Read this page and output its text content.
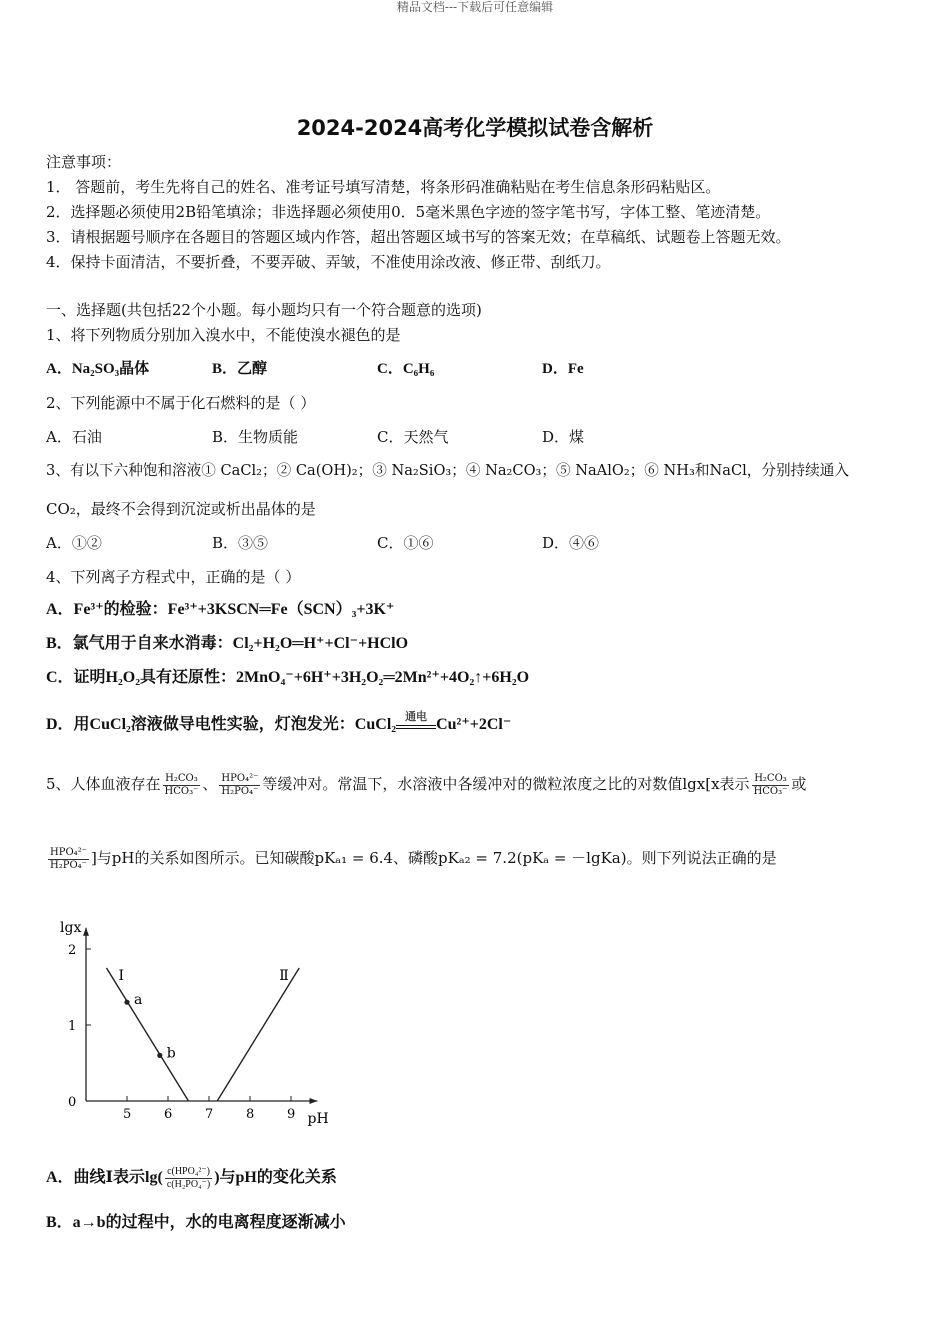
精品文档---下载后可任意编辑
2024-2024高考化学模拟试卷含解析
注意事项：
1． 答题前，考生先将自己的姓名、准考证号填写清楚，将条形码准确粘贴在考生信息条形码粘贴区。
2．选择题必须使用2B铅笔填涂；非选择题必须使用0．5毫米黑色字迹的签字笔书写，字体工整、笔迹清楚。
3．请根据题号顺序在各题目的答题区域内作答，超出答题区域书写的答案无效；在草稿纸、试题卷上答题无效。
4．保持卡面清洁，不要折叠，不要弄破、弄皱，不准使用涂改液、修正带、刮纸刀。
一、选择题(共包括22个小题。每小题均只有一个符合题意的选项)
1、将下列物质分别加入溴水中，不能使溴水褪色的是
A．Na₂SO₃晶体	B．乙醇	C．C₆H₆	D．Fe
2、下列能源中不属于化石燃料的是（ ）
A．石油	B．生物质能	C．天然气	D．煤
3、有以下六种饱和溶液① CaCl₂；② Ca(OH)₂；③ Na₂SiO₃；④ Na₂CO₃；⑤ NaAlO₂；⑥ NH₃和NaCl，分别持续通入
CO₂，最终不会得到沉淀或析出晶体的是
A．①②	B．③⑤	C．①⑥	D．④⑥
4、下列离子方程式中，正确的是（ ）
A．Fe³⁺的检验：Fe³⁺+3KSCN═Fe（SCN）₃+3K⁺
B．氯气用于自来水消毒：Cl₂+H₂O═H⁺+Cl⁻+HClO
C．证明H₂O₂具有还原性：2MnO₄⁻+6H⁺+3H₂O₂═2Mn²⁺+4O₂↑+6H₂O
D．用CuCl₂溶液做导电性实验，灯泡发光：CuCl₂ 通电 Cu²⁺+2Cl⁻
5、人体血液存在 $\frac{\text{H₂CO₃}}{\text{HCO₃⁻}}$ 、 $\frac{\text{HPO₄²⁻}}{\text{H₂PO₄⁻}}$ 等缓冲对。常温下，水溶液中各缓冲对的微粒浓度之比的对数值lgx[x表示 $\frac{\text{H₂CO₃}}{\text{HCO₃⁻}}$ 或
$\frac{\text{HPO₄²⁻}}{\text{H₂PO₄⁻}}$ ]与pH的关系如图所示。已知碳酸pKₐ₁ = 6.4、磷酸pKₐ₂ = 7.2(pKₐ = －lgKa)。则下列说法正确的是
lgx
pH
5	6	7	8	9
0
1
2
Ⅰ	Ⅱ
a
b
A．曲线Ⅰ表示$\lg( \frac{\text{c(HPO₄²⁻)}}{\text{c(H₂PO₄⁻)}}$ )与pH的变化关系
B．a→b的过程中，水的电离程度逐渐减小
